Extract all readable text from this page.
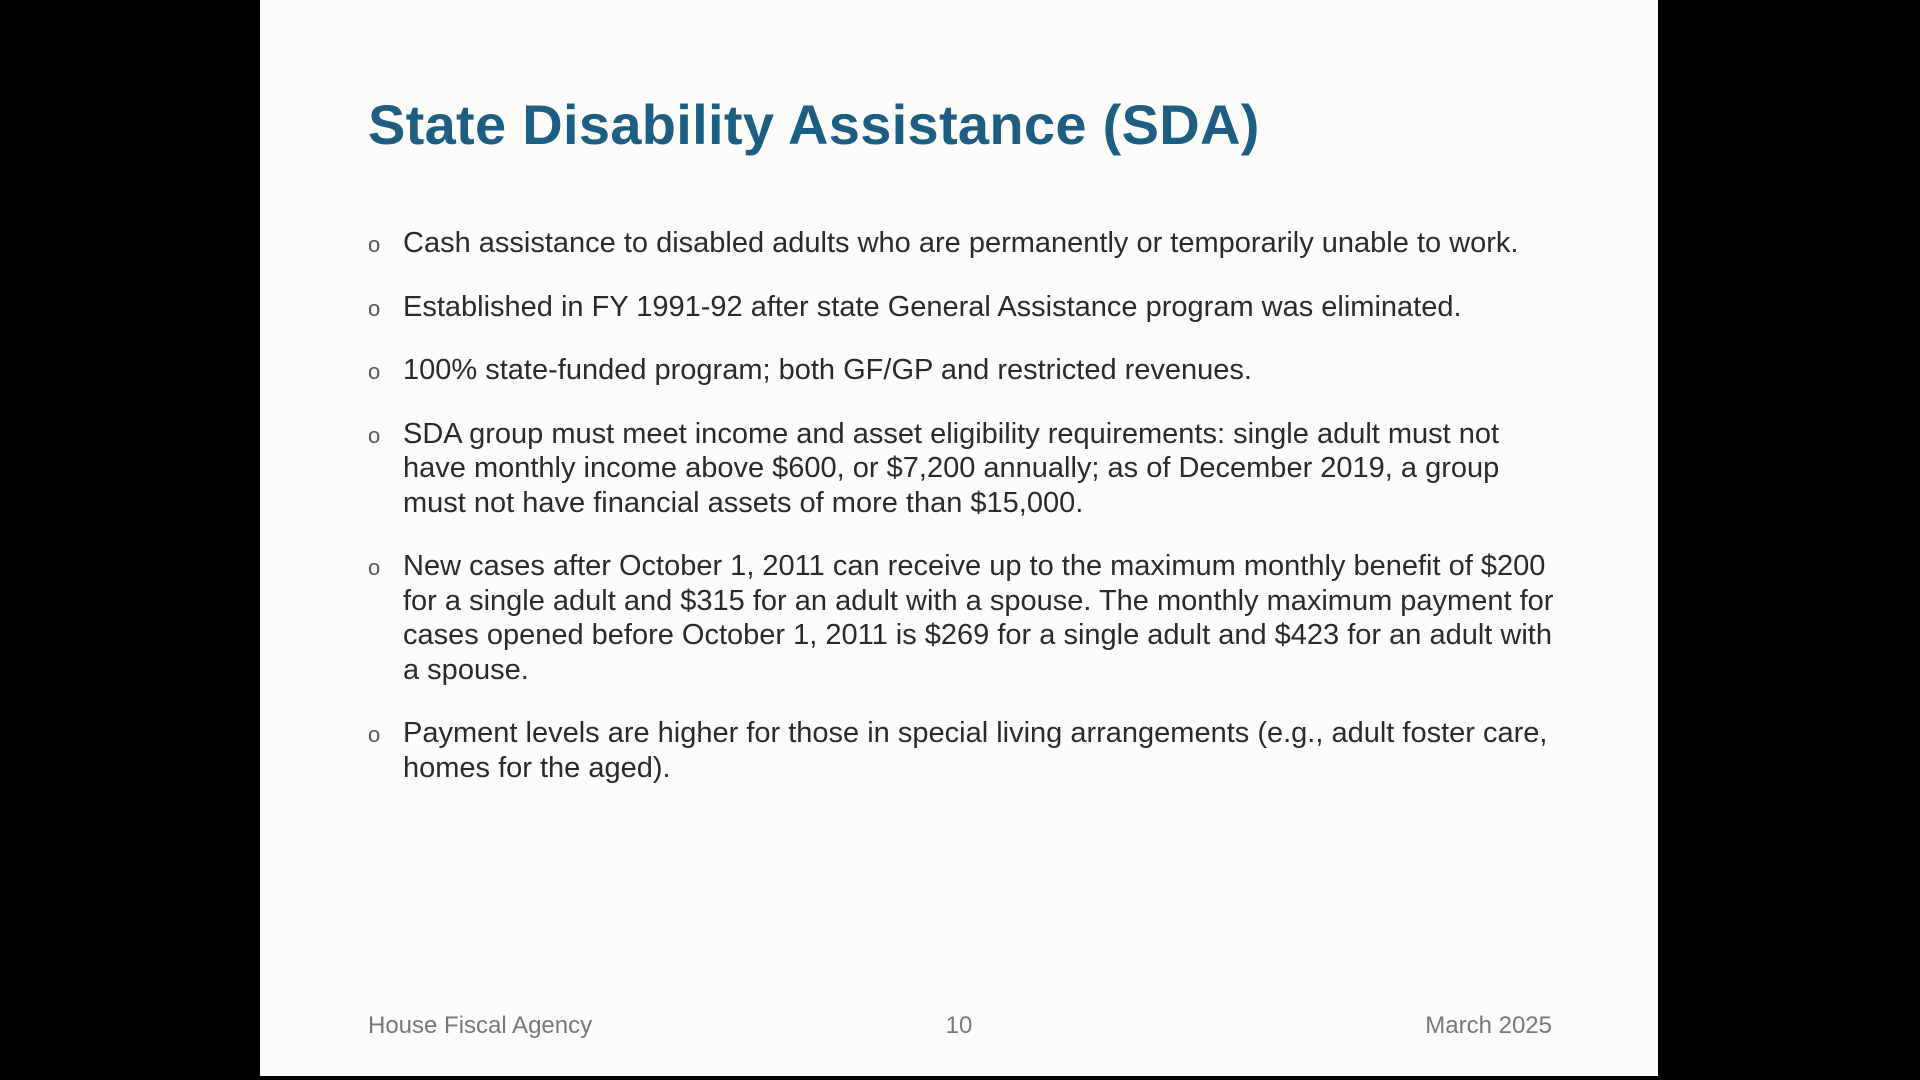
State Disability Assistance (SDA)
o Cash assistance to disabled adults who are permanently or temporarily unable to work.
o Established in FY 1991-92 after state General Assistance program was eliminated.
o 100% state-funded program; both GF/GP and restricted revenues.
o SDA group must meet income and asset eligibility requirements: single adult must not have monthly income above $600, or $7,200 annually; as of December 2019, a group must not have financial assets of more than $15,000.
o New cases after October 1, 2011 can receive up to the maximum monthly benefit of $200 for a single adult and $315 for an adult with a spouse. The monthly maximum payment for cases opened before October 1, 2011 is $269 for a single adult and $423 for an adult with a spouse.
o Payment levels are higher for those in special living arrangements (e.g., adult foster care, homes for the aged).
House Fiscal Agency	10	March 2025
